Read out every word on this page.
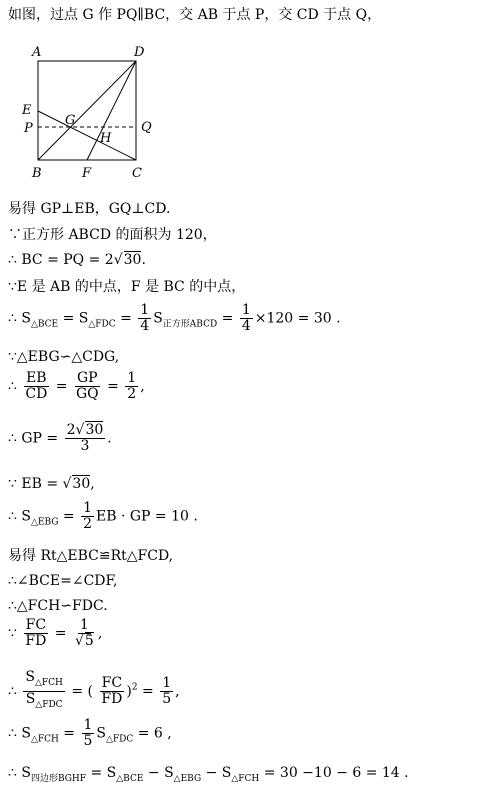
如图，过点 G 作 PQ∥BC，交 AB 于点 P，交 CD 于点 Q，
A	D
E
P
G	Q
H
B	F	C
易得 GP⊥EB，GQ⊥CD.
∵正方形 ABCD 的面积为 120，
∴ BC = PQ = 2√30.
∵E 是 AB 的中点，F 是 BC 的中点，
∴ $S_{\triangle BCE} = S_{\triangle FDC} = \frac{1}{4} S_{正方形ABCD} = \frac{1}{4} \times 120 = 30$ .
∵△EBG∽△CDG,
∴ $\frac{EB}{CD} = \frac{GP}{GQ} = \frac{1}{2}$ ,
∴ GP = $\frac{2√30}{3}$ .
∵ EB = √30,
∴ $S_{\triangle EBG} = \frac{1}{2}$ EB · GP = 10 .
易得 Rt△EBC≌Rt△FCD,
∴∠BCE=∠CDF,
∴△FCH∽FDC.
∵ $\frac{FC}{FD} = \frac{1}{√5}$ ,
∴ $\frac{S_{\triangle FCH}}{S_{\triangle FDC}}$ = ( $\frac{FC}{FD} )^2 = \frac{1}{5}$ ,
∴ $S_{\triangle FCH} = \frac{1}{5} S_{\triangle FDC} = 6$ ,
∴ $S_{四边形BGHF} = S_{\triangle BCE} - S_{\triangle EBG} - S_{\triangle FCH} = 30 -10 - 6 = 14$ .
